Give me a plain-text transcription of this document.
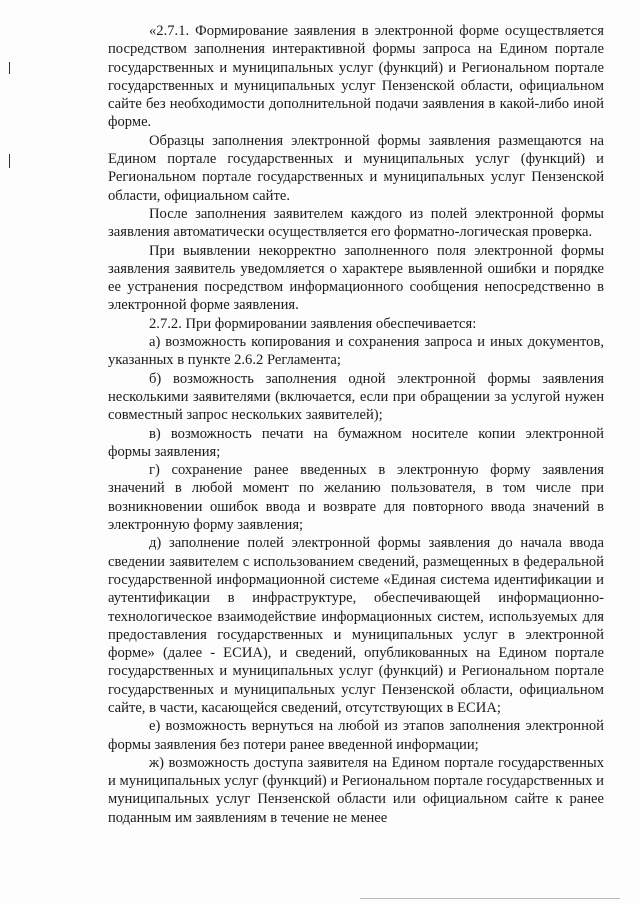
«2.7.1. Формирование заявления в электронной форме осуществляется посредством заполнения интерактивной формы запроса на Едином портале государственных и муниципальных услуг (функций) и Региональном портале государственных и муниципальных услуг Пензенской области, официальном сайте без необходимости дополнительной подачи заявления в какой-либо иной форме.

Образцы заполнения электронной формы заявления размещаются на Едином портале государственных и муниципальных услуг (функций) и Региональном портале государственных и муниципальных услуг Пензенской области, официальном сайте.

После заполнения заявителем каждого из полей электронной формы заявления автоматически осуществляется его форматно-логическая проверка.

При выявлении некорректно заполненного поля электронной формы заявления заявитель уведомляется о характере выявленной ошибки и порядке ее устранения посредством информационного сообщения непосредственно в электронной форме заявления.

2.7.2. При формировании заявления обеспечивается:

а) возможность копирования и сохранения запроса и иных документов, указанных в пункте 2.6.2 Регламента;

б) возможность заполнения одной электронной формы заявления несколькими заявителями (включается, если при обращении за услугой нужен совместный запрос нескольких заявителей);

в) возможность печати на бумажном носителе копии электронной формы заявления;

г) сохранение ранее введенных в электронную форму заявления значений в любой момент по желанию пользователя, в том числе при возникновении ошибок ввода и возврате для повторного ввода значений в электронную форму заявления;

д) заполнение полей электронной формы заявления до начала ввода сведении заявителем с использованием сведений, размещенных в федеральной государственной информационной системе «Единая система идентификации и аутентификации в инфраструктуре, обеспечивающей информационно-технологическое взаимодействие информационных систем, используемых для предоставления государственных и муниципальных услуг в электронной форме» (далее - ЕСИА), и сведений, опубликованных на Едином портале государственных и муниципальных услуг (функций) и Региональном портале государственных и муниципальных услуг Пензенской области, официальном сайте, в части, касающейся сведений, отсутствующих в ЕСИА;

е) возможность вернуться на любой из этапов заполнения электронной формы заявления без потери ранее введенной информации;

ж) возможность доступа заявителя на Едином портале государственных и муниципальных услуг (функций) и Региональном портале государственных и муниципальных услуг Пензенской области или официальном сайте к ранее поданным им заявлениям в течение не менее
